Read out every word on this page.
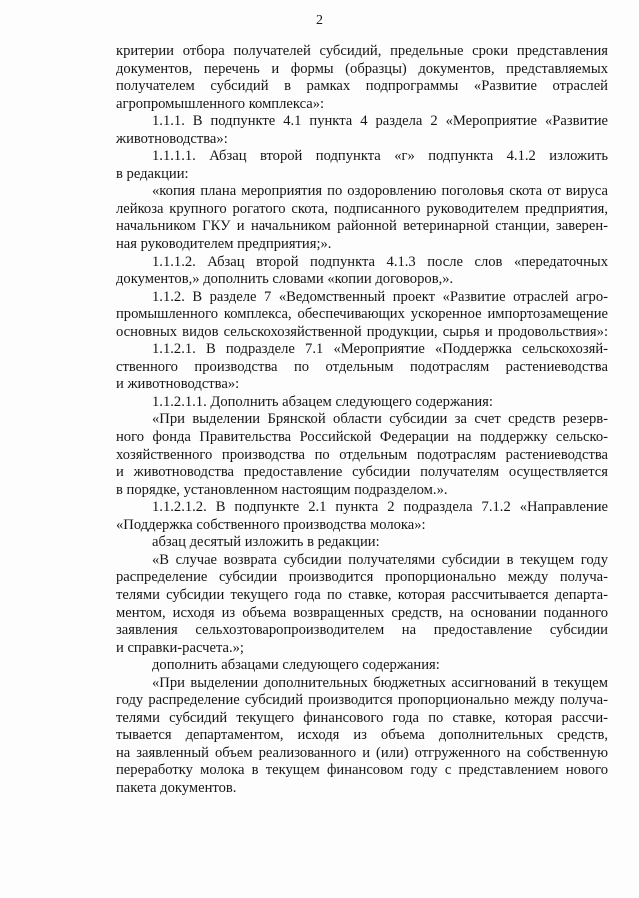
2
критерии отбора получателей субсидий, предельные сроки представления
документов, перечень и формы (образцы) документов, представляемых
получателем субсидий в рамках подпрограммы «Развитие отраслей
агропромышленного комплекса»:
1.1.1. В подпункте 4.1 пункта 4 раздела 2 «Мероприятие «Развитие
животноводства»:
1.1.1.1. Абзац второй подпункта «г» подпункта 4.1.2 изложить
в редакции:
«копия плана мероприятия по оздоровлению поголовья скота от вируса
лейкоза крупного рогатого скота, подписанного руководителем предприятия,
начальником ГКУ и начальником районной ветеринарной станции, заверен-
ная руководителем предприятия;».
1.1.1.2. Абзац второй подпункта 4.1.3 после слов «передаточных
документов,» дополнить словами «копии договоров,».
1.1.2. В разделе 7 «Ведомственный проект «Развитие отраслей агро-
промышленного комплекса, обеспечивающих ускоренное импортозамещение
основных видов сельскохозяйственной продукции, сырья и продовольствия»:
1.1.2.1. В подразделе 7.1 «Мероприятие «Поддержка сельскохозяй-
ственного производства по отдельным подотраслям растениеводства
и животноводства»:
1.1.2.1.1. Дополнить абзацем следующего содержания:
«При выделении Брянской области субсидии за счет средств резерв-
ного фонда Правительства Российской Федерации на поддержку сельско-
хозяйственного производства по отдельным подотраслям растениеводства
и животноводства предоставление субсидии получателям осуществляется
в порядке, установленном настоящим подразделом.».
1.1.2.1.2. В подпункте 2.1 пункта 2 подраздела 7.1.2 «Направление
«Поддержка собственного производства молока»:
абзац десятый изложить в редакции:
«В случае возврата субсидии получателями субсидии в текущем году
распределение субсидии производится пропорционально между получа-
телями субсидии текущего года по ставке, которая рассчитывается департа-
ментом, исходя из объема возвращенных средств, на основании поданного
заявления сельхозтоваропроизводителем на предоставление субсидии
и справки-расчета.»;
дополнить абзацами следующего содержания:
«При выделении дополнительных бюджетных ассигнований в текущем
году распределение субсидий производится пропорционально между получа-
телями субсидий текущего финансового года по ставке, которая рассчи-
тывается департаментом, исходя из объема дополнительных средств,
на заявленный объем реализованного и (или) отгруженного на собственную
переработку молока в текущем финансовом году с представлением нового
пакета документов.
